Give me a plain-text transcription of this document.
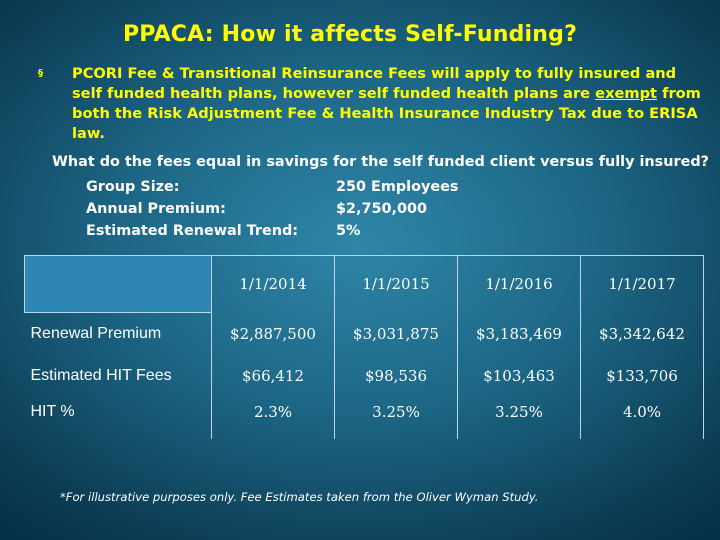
PPACA: How it affects Self-Funding?
§	PCORI Fee & Transitional Reinsurance Fees will apply to fully insured and self funded health plans, however self funded health plans are exempt from both the Risk Adjustment Fee & Health Insurance Industry Tax due to ERISA law.
What do the fees equal in savings for the self funded client versus fully insured?
Group Size:	250 Employees
Annual Premium:	$2,750,000
Estimated Renewal Trend:	5%
	1/1/2014	1/1/2015	1/1/2016	1/1/2017
Renewal Premium	$2,887,500	$3,031,875	$3,183,469	$3,342,642
Estimated HIT Fees	$66,412	$98,536	$103,463	$133,706
HIT %	2.3%	3.25%	3.25%	4.0%
*For illustrative purposes only. Fee Estimates taken from the Oliver Wyman Study.
